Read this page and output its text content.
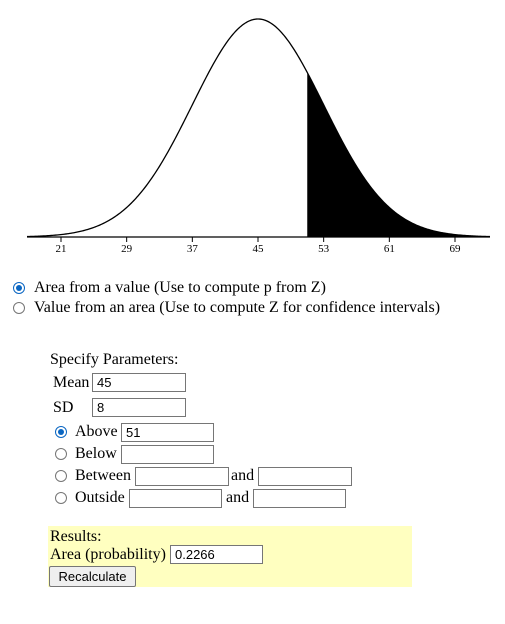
21	29	37	45	53	61	69
Area from a value (Use to compute p from Z)
Value from an area (Use to compute Z for confidence intervals)
Specify Parameters:
Mean 45
SD	8
Above 51
Below
Between	and
Outside	and
Results:
Area (probability) 0.2266
Recalculate
